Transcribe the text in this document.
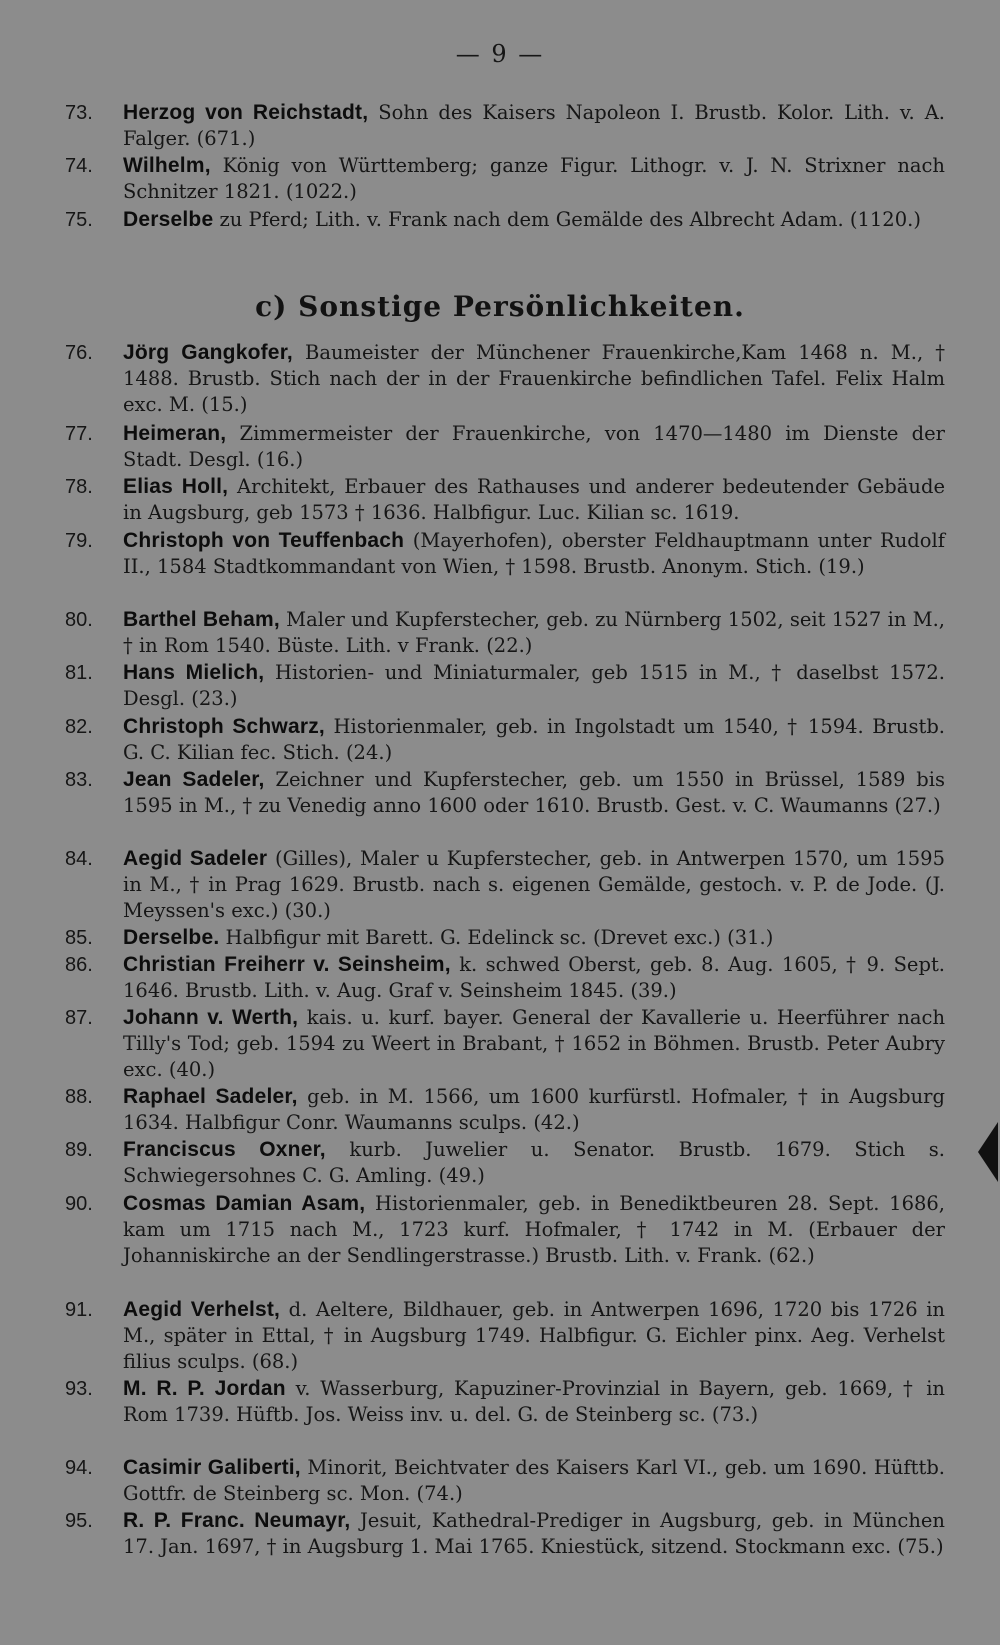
— 9 —
73.	Herzog von Reichstadt, Sohn des Kaisers Napoleon I. Brustb. Kolor. Lith. v. A. Falger. (671.)
74.	Wilhelm, König von Württemberg; ganze Figur. Lithogr. v. J. N. Strixner nach Schnitzer 1821. (1022.)
75.	Derselbe zu Pferd; Lith. v. Frank nach dem Gemälde des Albrecht Adam. (1120.)
c) Sonstige Persönlichkeiten.
76.	Jörg Gangkofer, Baumeister der Münchener Frauenkirche,Kam 1468 n. M., † 1488. Brustb. Stich nach der in der Frauenkirche befindlichen Tafel. Felix Halm exc. M. (15.)
77.	Heimeran, Zimmermeister der Frauenkirche, von 1470—1480 im Dienste der Stadt. Desgl. (16.)
78.	Elias Holl, Architekt, Erbauer des Rathauses und anderer bedeutender Gebäude in Augsburg, geb 1573 † 1636. Halbfigur. Luc. Kilian sc. 1619.
79.	Christoph von Teuffenbach (Mayerhofen), oberster Feldhauptmann unter Rudolf II., 1584 Stadtkommandant von Wien, † 1598. Brustb. Anonym. Stich. (19.)
80.	Barthel Beham, Maler und Kupferstecher, geb. zu Nürnberg 1502, seit 1527 in M., † in Rom 1540. Büste. Lith. v Frank. (22.)
81.	Hans Mielich, Historien- und Miniaturmaler, geb 1515 in M., † daselbst 1572. Desgl. (23.)
82.	Christoph Schwarz, Historienmaler, geb. in Ingolstadt um 1540, † 1594. Brustb. G. C. Kilian fec. Stich. (24.)
83.	Jean Sadeler, Zeichner und Kupferstecher, geb. um 1550 in Brüssel, 1589 bis 1595 in M., † zu Venedig anno 1600 oder 1610. Brustb. Gest. v. C. Waumanns (27.)
84.	Aegid Sadeler (Gilles), Maler u Kupferstecher, geb. in Antwerpen 1570, um 1595 in M., † in Prag 1629. Brustb. nach s. eigenen Gemälde, gestoch. v. P. de Jode. (J. Meyssen's exc.) (30.)
85.	Derselbe. Halbfigur mit Barett. G. Edelinck sc. (Drevet exc.) (31.)
86.	Christian Freiherr v. Seinsheim, k. schwed Oberst, geb. 8. Aug. 1605, † 9. Sept. 1646. Brustb. Lith. v. Aug. Graf v. Seinsheim 1845. (39.)
87.	Johann v. Werth, kais. u. kurf. bayer. General der Kavallerie u. Heerführer nach Tilly's Tod; geb. 1594 zu Weert in Brabant, † 1652 in Böhmen. Brustb. Peter Aubry exc. (40.)
88.	Raphael Sadeler, geb. in M. 1566, um 1600 kurfürstl. Hofmaler, † in Augsburg 1634. Halbfigur Conr. Waumanns sculps. (42.)
89.	Franciscus Oxner, kurb. Juwelier u. Senator. Brustb. 1679. Stich s. Schwiegersohnes C. G. Amling. (49.)
90.	Cosmas Damian Asam, Historienmaler, geb. in Benediktbeuren 28. Sept. 1686, kam um 1715 nach M., 1723 kurf. Hofmaler, † 1742 in M. (Erbauer der Johanniskirche an der Sendlingerstrasse.) Brustb. Lith. v. Frank. (62.)
91.	Aegid Verhelst, d. Aeltere, Bildhauer, geb. in Antwerpen 1696, 1720 bis 1726 in M., später in Ettal, † in Augsburg 1749. Halbfigur. G. Eichler pinx. Aeg. Verhelst filius sculps. (68.)
93.	M. R. P. Jordan v. Wasserburg, Kapuziner-Provinzial in Bayern, geb. 1669, † in Rom 1739. Hüftb. Jos. Weiss inv. u. del. G. de Steinberg sc. (73.)
94.	Casimir Galiberti, Minorit, Beichtvater des Kaisers Karl VI., geb. um 1690. Hüfttb. Gottfr. de Steinberg sc. Mon. (74.)
95.	R. P. Franc. Neumayr, Jesuit, Kathedral-Prediger in Augsburg, geb. in München 17. Jan. 1697, † in Augsburg 1. Mai 1765. Kniestück, sitzend. Stockmann exc. (75.)
